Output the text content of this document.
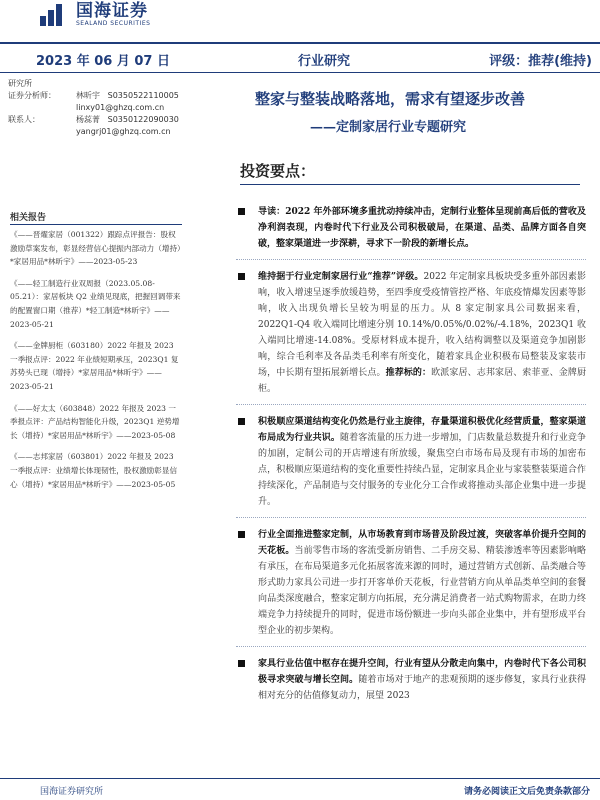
国海证券
SEALAND SECURITIES
2023 年 06 月 07 日	行业研究	评级：推荐(维持)
研究所
证券分析师：	林昕宇 S0350522110005
linxy01@ghzq.com.cn
联系人：	杨蕊菁 S0350122090030
yangrj01@ghzq.com.cn
整家与整装战略落地，需求有望逐步改善
——定制家居行业专题研究
投资要点：
相关报告
《——晋燿家居（001322）跟踪点评报告：股权激励草案发布，彰显经营信心提振内部动力（增持）*家居用品*林昕宇》——2023-05-23
《——轻工制造行业双周报（2023.05.08-05.21）：家居板块 Q2 业绩见现底，把握回调带来的配置窗口期（推荐）*轻工制造*林昕宇》——2023-05-21
《——金牌厨柜（603180）2022 年报及 2023 一季报点评：2022 年业绩短期承压，2023Q1 复苏势头已现（增持）*家居用品*林昕宇》——2023-05-21
《——好太太（603848）2022 年报及 2023 一季报点评：产品结构智能化升级，2023Q1 逆势增长（增持）*家居用品*林昕宇》——2023-05-08
《——志邦家居（603801）2022 年报及 2023 一季报点评：业绩增长体现韧性，股权激励彰显信心（增持）*家居用品*林昕宇》——2023-05-05
导读：2022 年外部环境多重扰动持续冲击，定制行业整体呈现前高后低的营收及净利润表现，内卷时代下行业及公司积极破局，在渠道、品类、品牌方面各自突破，整家渠道进一步深耕，寻求下一阶段的新增长点。
维持据于行业定制家居行业“推荐”评级。2022 年定制家具板块受多重外部因素影响，收入增速呈逐季放缓趋势，至四季度受疫情管控严格、年底疫情爆发因素等影响，收入出现负增长呈较为明显的压力。从 8 家定制家具公司数据来看，2022Q1-Q4 收入端同比增速分别 10.14%/0.05%/0.02%/-4.18%，2023Q1 收入端同比增速-14.08%。受原材料成本提升，收入结构调整以及渠道竞争加剧影响，综合毛利率及各品类毛利率有所变化，随着家具企业积极布局整装及家装市场，中长期有望拓展新增长点。推荐标的：欧派家居、志邦家居、索菲亚、金牌厨柜。
积极顺应渠道结构变化仍然是行业主旋律，存量渠道积极优化经营质量，整家渠道布局成为行业共识。随着客流量的压力进一步增加，门店数量总数提升和行业竞争的加剧，定制公司的开店增速有所放缓，聚焦空白市场布局及现有市场的加密布点，积极顺应渠道结构的变化重要性持续凸显，定制家具企业与家装整装渠道合作持续深化，产品制造与交付服务的专业化分工合作或将推动头部企业集中进一步提升。
行业全面推进整家定制，从市场教育到市场普及阶段过渡，突破客单价提升空间的天花板。当前零售市场的客流受新房销售、二手房交易、精装渗透率等因素影响略有承压，在布局渠道多元化拓展客流来源的同时，通过营销方式创新、品类融合等形式助力家具公司进一步打开客单价天花板，行业营销方向从单品类单空间的套餐向品类深度融合，整家定制方向拓展，充分满足消费者一站式购物需求，在助力终端竞争力持续提升的同时，促进市场份额进一步向头部企业集中，并有望形成平台型企业的初步架构。
家具行业估值中枢存在提升空间，行业有望从分散走向集中，内卷时代下各公司积极寻求突破与增长空间。随着市场对于地产的悲观预期的逐步修复，家具行业获得相对充分的估值修复动力，展望 2023
国海证券研究所	请务必阅读正文后免责条款部分
